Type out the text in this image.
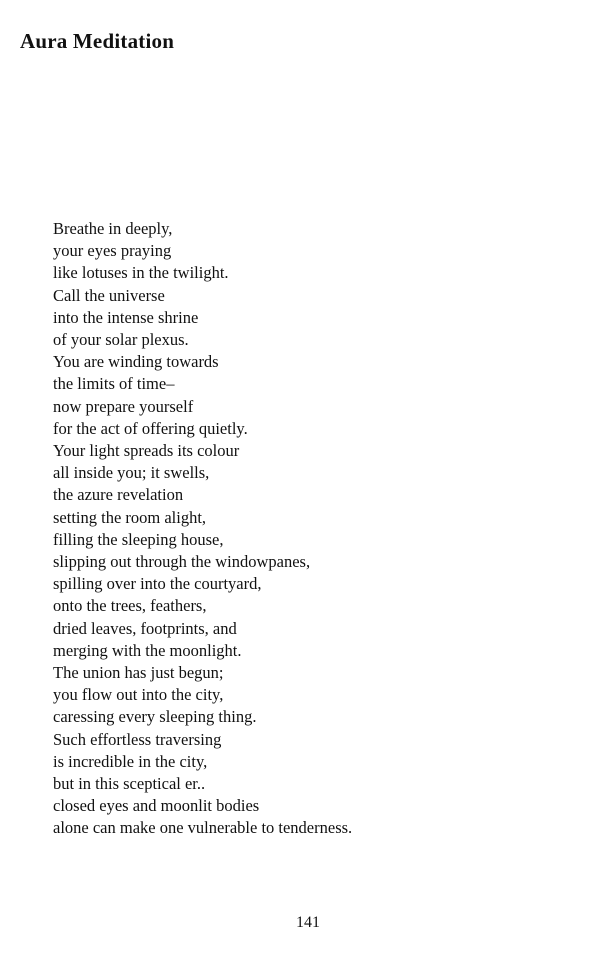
Aura Meditation
Breathe in deeply,
your eyes praying
like lotuses in the twilight.
Call the universe
into the intense shrine
of your solar plexus.
You are winding towards
the limits of time–
now prepare yourself
for the act of offering quietly.
Your light spreads its colour
all inside you; it swells,
the azure revelation
setting the room alight,
filling the sleeping house,
slipping out through the windowpanes,
spilling over into the courtyard,
onto the trees, feathers,
dried leaves, footprints, and
merging with the moonlight.
The union has just begun;
you flow out into the city,
caressing every sleeping thing.
Such effortless traversing
is incredible in the city,
but in this sceptical er..
closed eyes and moonlit bodies
alone can make one vulnerable to tenderness.
141
